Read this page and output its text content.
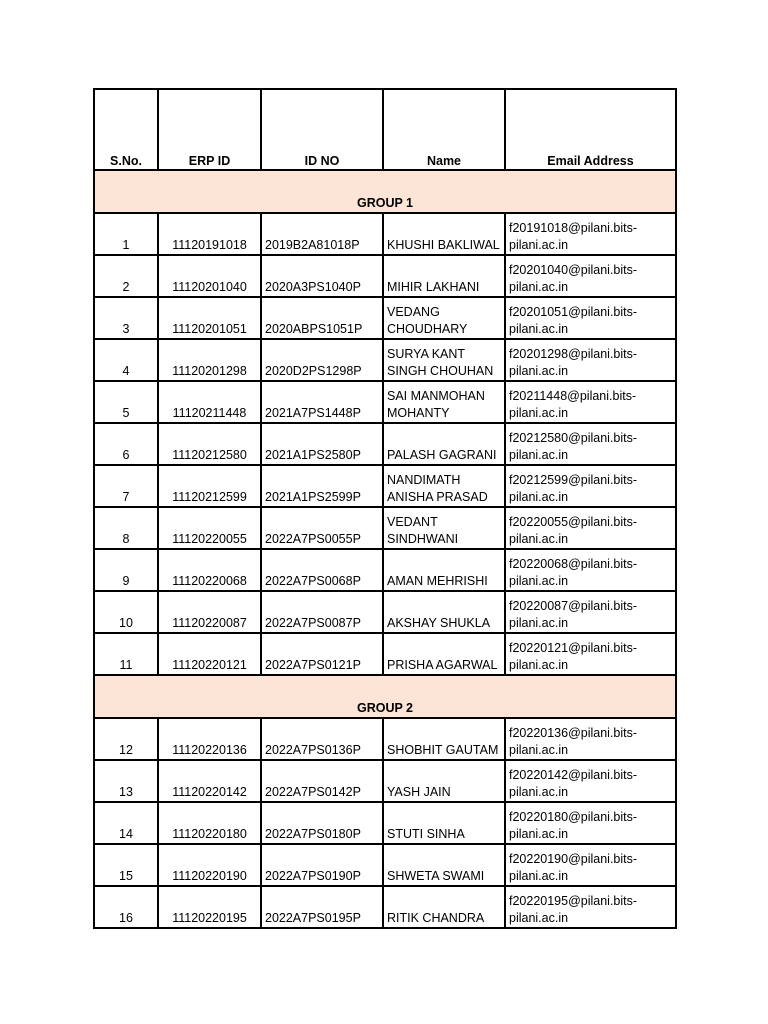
S.No.	ERP ID	ID NO	Name	Email Address
GROUP 1				
1	11120191018	2019B2A81018P	KHUSHI BAKLIWAL	f20191018@pilani.bits-
pilani.ac.in

2	11120201040	2020A3PS1040P	MIHIR LAKHANI	f20201040@pilani.bits-
pilani.ac.in

3	11120201051	2020ABPS1051P	VEDANG CHOUDHARY	f20201051@pilani.bits-
pilani.ac.in

4	11120201298	2020D2PS1298P	SURYA KANT SINGH CHOUHAN	f20201298@pilani.bits-
pilani.ac.in

5	11120211448	2021A7PS1448P	SAI MANMOHAN MOHANTY	f20211448@pilani.bits-
pilani.ac.in

6	11120212580	2021A1PS2580P	PALASH GAGRANI	f20212580@pilani.bits-
pilani.ac.in

7	11120212599	2021A1PS2599P	NANDIMATH ANISHA PRASAD	f20212599@pilani.bits-
pilani.ac.in

8	11120220055	2022A7PS0055P	VEDANT SINDHWANI	f20220055@pilani.bits-
pilani.ac.in

9	11120220068	2022A7PS0068P	AMAN MEHRISHI	f20220068@pilani.bits-
pilani.ac.in

10	11120220087	2022A7PS0087P	AKSHAY SHUKLA	f20220087@pilani.bits-
pilani.ac.in

11	11120220121	2022A7PS0121P	PRISHA AGARWAL	f20220121@pilani.bits-
pilani.ac.in

GROUP 2				
12	11120220136	2022A7PS0136P	SHOBHIT GAUTAM	f20220136@pilani.bits-
pilani.ac.in

13	11120220142	2022A7PS0142P	YASH JAIN	f20220142@pilani.bits-
pilani.ac.in

14	11120220180	2022A7PS0180P	STUTI SINHA	f20220180@pilani.bits-
pilani.ac.in

15	11120220190	2022A7PS0190P	SHWETA SWAMI	f20220190@pilani.bits-
pilani.ac.in

16	11120220195	2022A7PS0195P	RITIK CHANDRA	f20220195@pilani.bits-
pilani.ac.in
